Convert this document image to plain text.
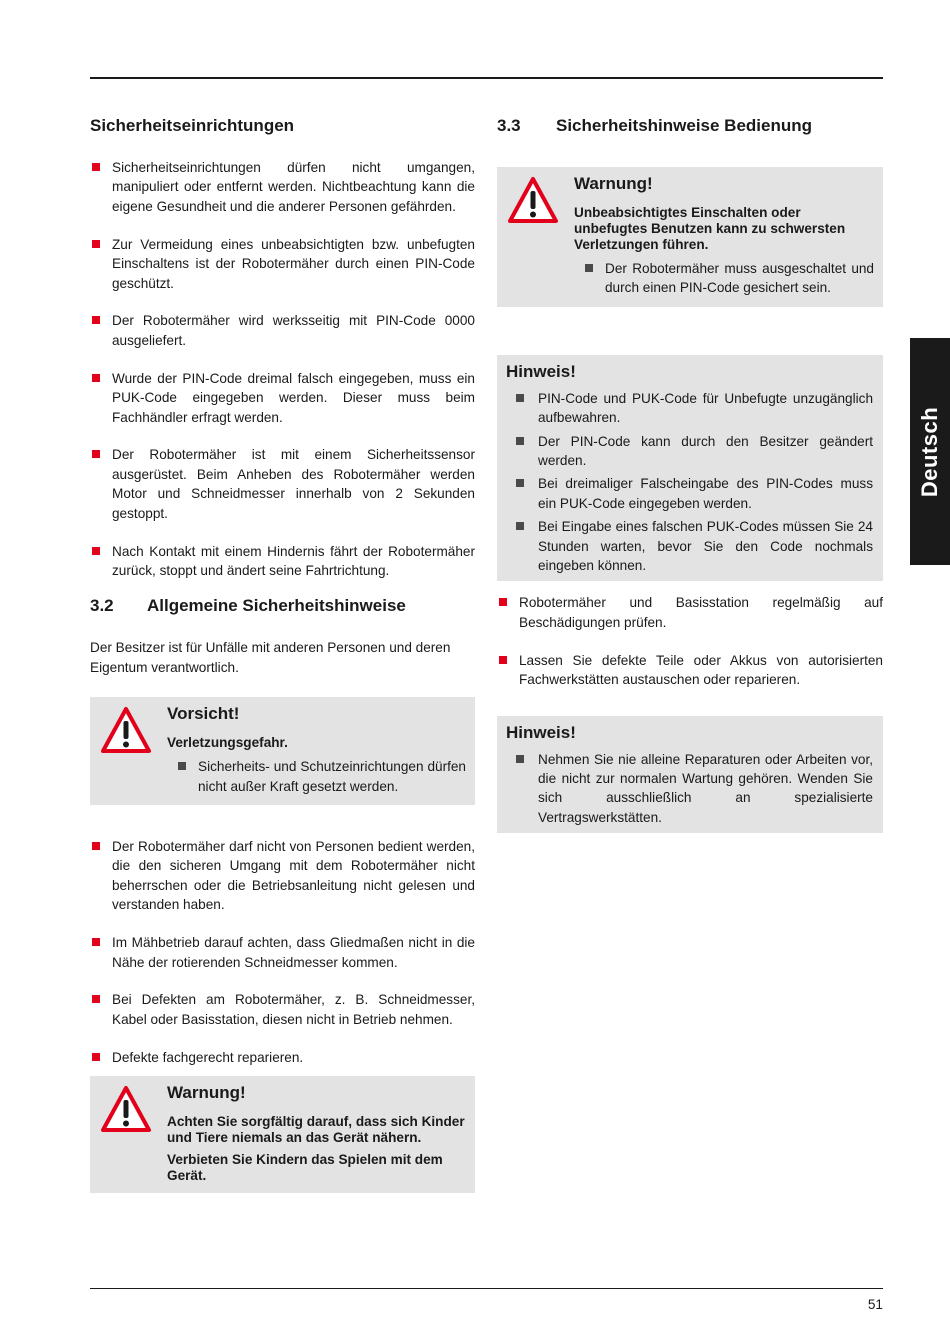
Sicherheitseinrichtungen
Sicherheitseinrichtungen dürfen nicht umgangen, manipuliert oder entfernt werden. Nichtbeachtung kann die eigene Gesundheit und die anderer Personen gefährden.
Zur Vermeidung eines unbeabsichtigten bzw. unbefugten Einschaltens ist der Robotermäher durch einen PIN-Code geschützt.
Der Robotermäher wird werksseitig mit PIN-Code 0000 ausgeliefert.
Wurde der PIN-Code dreimal falsch eingegeben, muss ein PUK-Code eingegeben werden. Dieser muss beim Fachhändler erfragt werden.
Der Robotermäher ist mit einem Sicherheitssensor ausgerüstet. Beim Anheben des Robotermäher werden Motor und Schneidmesser innerhalb von 2 Sekunden gestoppt.
Nach Kontakt mit einem Hindernis fährt der Robotermäher zurück, stoppt und ändert seine Fahrtrichtung.
3.2 Allgemeine Sicherheitshinweise

Der Besitzer ist für Unfälle mit anderen Personen und deren Eigentum verantwortlich.

Vorsicht!
Verletzungsgefahr.
Sicherheits- und Schutzeinrichtungen dürfen nicht außer Kraft gesetzt werden.
Der Robotermäher darf nicht von Personen bedient werden, die den sicheren Umgang mit dem Robotermäher nicht beherrschen oder die Betriebsanleitung nicht gelesen und verstanden haben.
Im Mähbetrieb darauf achten, dass Gliedmaßen nicht in die Nähe der rotierenden Schneidmesser kommen.
Bei Defekten am Robotermäher, z. B. Schneidmesser, Kabel oder Basisstation, diesen nicht in Betrieb nehmen.
Defekte fachgerecht reparieren.
Warnung!
Achten Sie sorgfältig darauf, dass sich Kinder und Tiere niemals an das Gerät nähern.
Verbieten Sie Kindern das Spielen mit dem Gerät.
3.3 Sicherheitshinweise Bedienung
Warnung!
Unbeabsichtigtes Einschalten oder unbefugtes Benutzen kann zu schwersten Verletzungen führen.
Der Robotermäher muss ausgeschaltet und durch einen PIN-Code gesichert sein.
Hinweis!
PIN-Code und PUK-Code für Unbefugte unzugänglich aufbewahren.
Der PIN-Code kann durch den Besitzer geändert werden.
Bei dreimaliger Falscheingabe des PIN-Codes muss ein PUK-Code eingegeben werden.
Bei Eingabe eines falschen PUK-Codes müssen Sie 24 Stunden warten, bevor Sie den Code nochmals eingeben können.
Robotermäher und Basisstation regelmäßig auf Beschädigungen prüfen.
Lassen Sie defekte Teile oder Akkus von autorisierten Fachwerkstätten austauschen oder reparieren.
Hinweis!
Nehmen Sie nie alleine Reparaturen oder Arbeiten vor, die nicht zur normalen Wartung gehören. Wenden Sie sich ausschließlich an spezialisierte Vertragswerkstätten.
Deutsch
51
